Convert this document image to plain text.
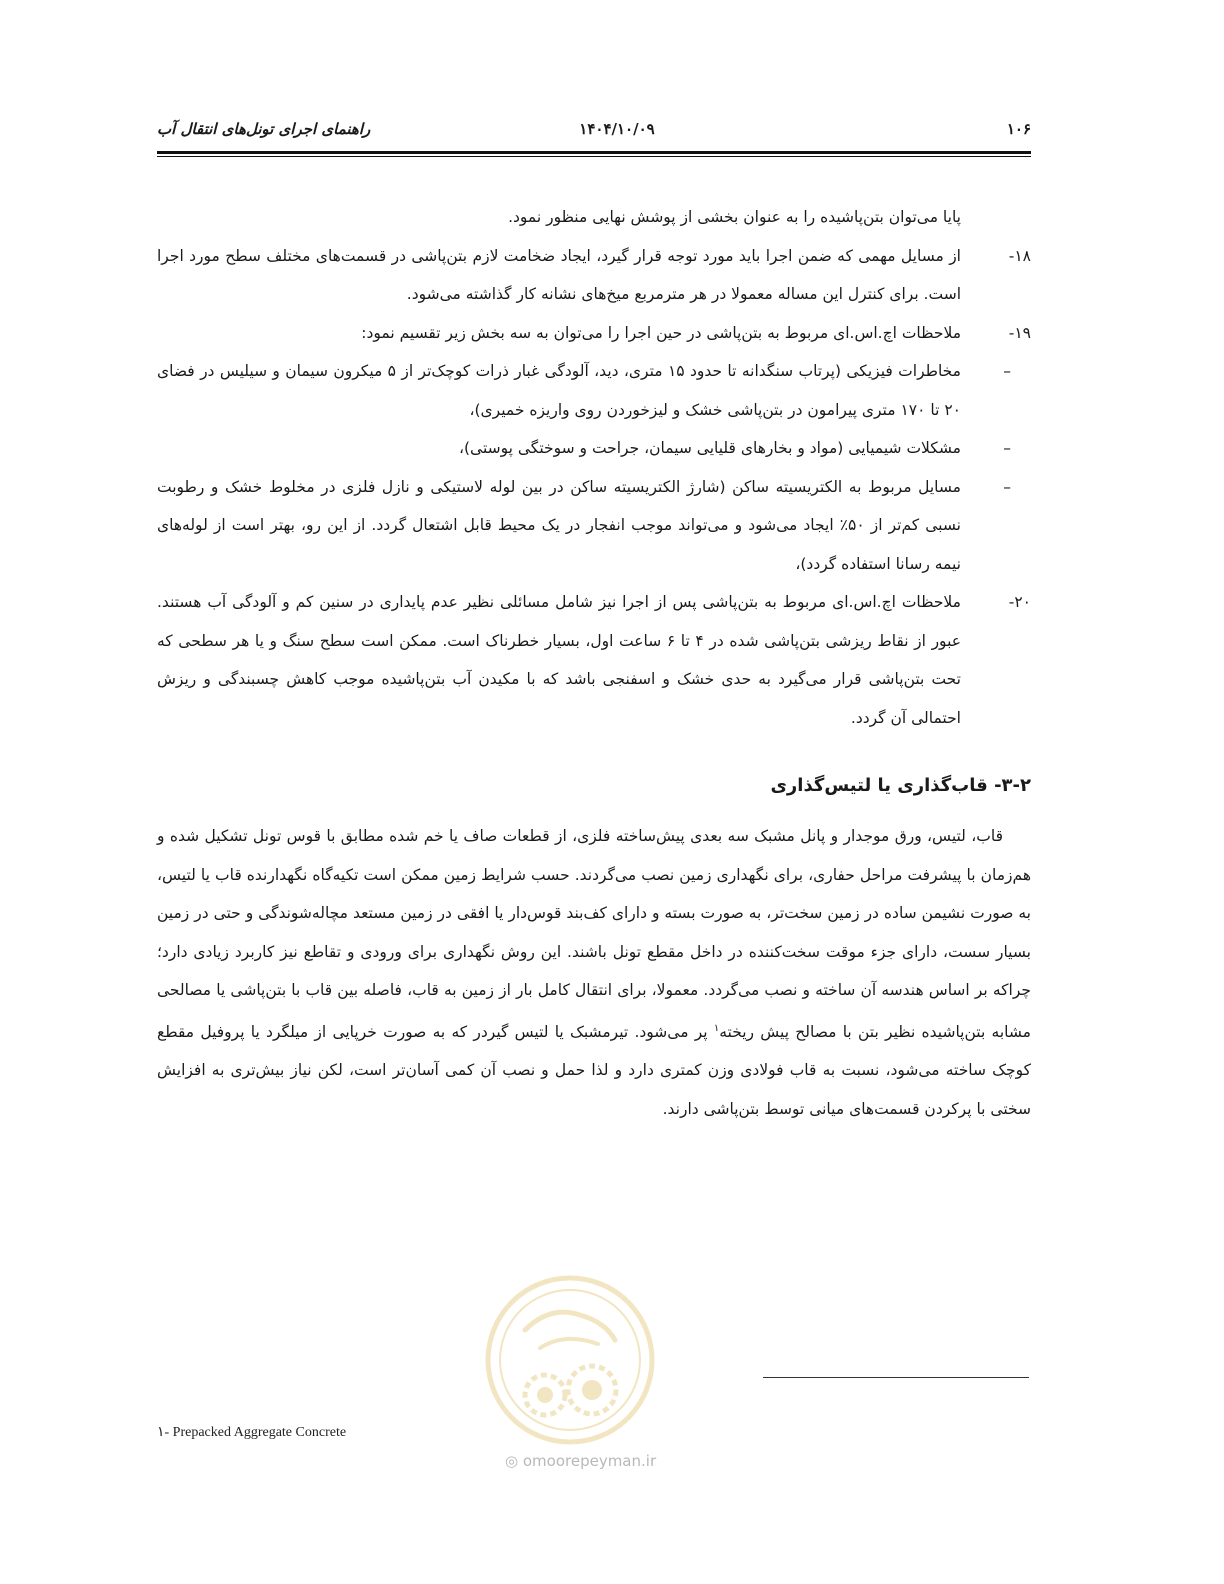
۱۰۶
۱۴۰۴/۱۰/۰۹
راهنمای اجرای تونل‌های انتقال آب

پایا می‌توان بتن‌پاشیده را به عنوان بخشی از پوشش نهایی منظور نمود.

۱۸-

از مسایل مهمی که ضمن اجرا باید مورد توجه قرار گیرد، ایجاد ضخامت لازم بتن‌پاشی در قسمت‌های مختلف سطح مورد اجرا است. برای کنترل این مساله معمولا در هر مترمربع میخ‌های نشانه کار گذاشته می‌شود.

۱۹-

ملاحظات اچ.اس.ای مربوط به بتن‌پاشی در حین اجرا را می‌توان به سه بخش زیر تقسیم نمود:

–

مخاطرات فیزیکی (پرتاب سنگدانه تا حدود ۱۵ متری، دید، آلودگی غبار ذرات کوچک‌تر از ۵ میکرون سیمان و سیلیس در فضای ۲۰ تا ۱۷۰ متری پیرامون در بتن‌پاشی خشک و لیزخوردن روی واریزه خمیری)،

–

مشکلات شیمیایی (مواد و بخارهای قلیایی سیمان، جراحت و سوختگی پوستی)،

–

مسایل مربوط به الکتریسیته ساکن (شارژ الکتریسیته ساکن در بین لوله لاستیکی و نازل فلزی در مخلوط خشک و رطوبت نسبی کم‌تر از ۵۰٪ ایجاد می‌شود و می‌تواند موجب انفجار در یک محیط قابل اشتعال گردد. از این رو، بهتر است از لوله‌های نیمه رسانا استفاده گردد)،

۲۰-

ملاحظات اچ.اس.ای مربوط به بتن‌پاشی پس از اجرا نیز شامل مسائلی نظیر عدم پایداری در سنین کم و آلودگی آب هستند. عبور از نقاط ریزشی بتن‌پاشی شده در ۴ تا ۶ ساعت اول، بسیار خطرناک است. ممکن است سطح سنگ و یا هر سطحی که تحت بتن‌پاشی قرار می‌گیرد به حدی خشک و اسفنجی باشد که با مکیدن آب بتن‌پاشیده موجب کاهش چسبندگی و ریزش احتمالی آن گردد.

۳-۲- قاب‌گذاری یا لتیس‌گذاری

قاب، لتیس، ورق موجدار و پانل مشبک سه بعدی پیش‌ساخته فلزی، از قطعات صاف یا خم شده مطابق با قوس تونل تشکیل شده و هم‌زمان با پیشرفت مراحل حفاری، برای نگهداری زمین نصب می‌گردند. حسب شرایط زمین ممکن است تکیه‌گاه نگهدارنده قاب یا لتیس، به صورت نشیمن ساده در زمین سخت‌تر، به صورت بسته و دارای کف‌بند قوس‌دار یا افقی در زمین مستعد مچاله‌شوندگی و حتی در زمین بسیار سست، دارای جزء موقت سخت‌کننده در داخل مقطع تونل باشند. این روش نگهداری برای ورودی و تقاطع نیز کاربرد زیادی دارد؛ چراکه بر اساس هندسه آن ساخته و نصب می‌گردد. معمولا، برای انتقال کامل بار از زمین به قاب، فاصله بین قاب با بتن‌پاشی یا مصالحی مشابه بتن‌پاشیده نظیر بتن با مصالح پیش ریخته$^۱$ پر می‌شود. تیرمشبک یا لتیس گیردر که به صورت خرپایی از میلگرد یا پروفیل مقطع کوچک ساخته می‌شود، نسبت به قاب فولادی وزن کمتری دارد و لذا حمل و نصب آن کمی آسان‌تر است، لکن نیاز بیش‌تری به افزایش سختی با پرکردن قسمت‌های میانی توسط بتن‌پاشی دارند.

◎ omoorepeyman.ir
۱- Prepacked Aggregate Concrete
